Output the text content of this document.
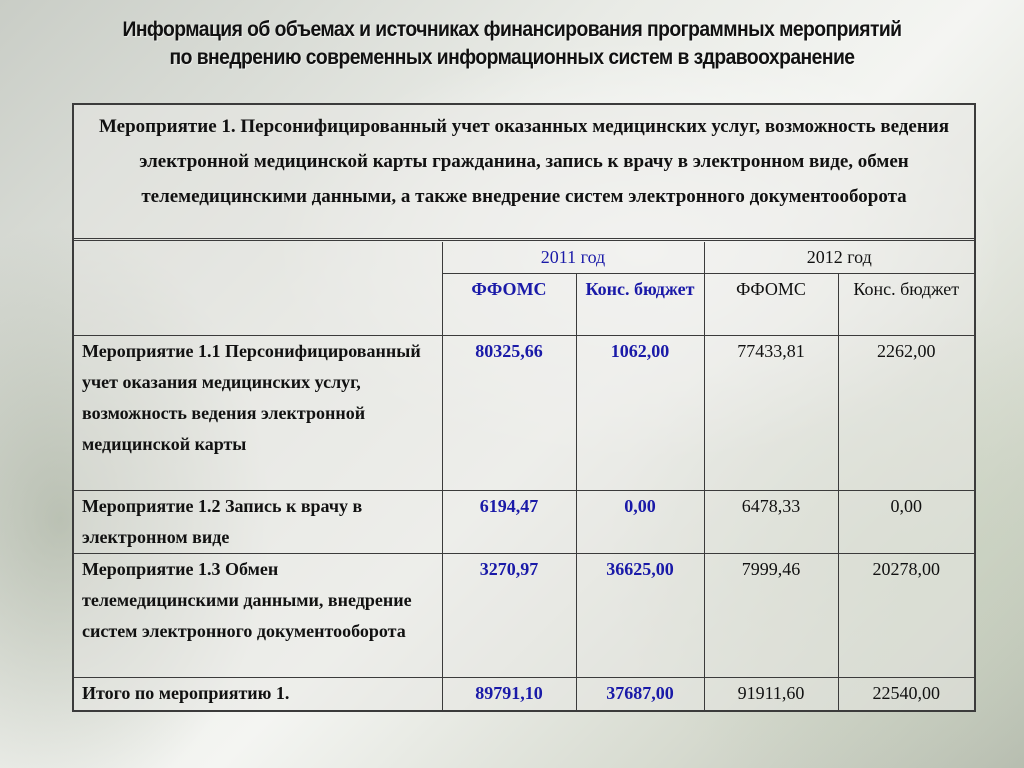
Информация об объемах и источниках финансирования программных мероприятий
по внедрению современных информационных систем в здравоохранение
Мероприятие 1. Персонифицированный учет оказанных медицинских услуг, возможность ведения электронной медицинской карты гражданина, запись к врачу в электронном виде, обмен телемедицинскими данными, а также внедрение систем электронного документооборота
	2011 год		2012 год	
	ФФОМС	Конс. бюджет	ФФОМС	Конс. бюджет
Мероприятие 1.1 Персонифицированный учет оказания медицинских услуг, возможность ведения электронной медицинской карты	80325,66	1062,00	77433,81	2262,00
Мероприятие 1.2 Запись к врачу в электронном виде	6194,47	0,00	6478,33	0,00
Мероприятие 1.3 Обмен телемедицинскими данными, внедрение систем электронного документооборота	3270,97	36625,00	7999,46	20278,00
Итого по мероприятию 1.	89791,10	37687,00	91911,60	22540,00
